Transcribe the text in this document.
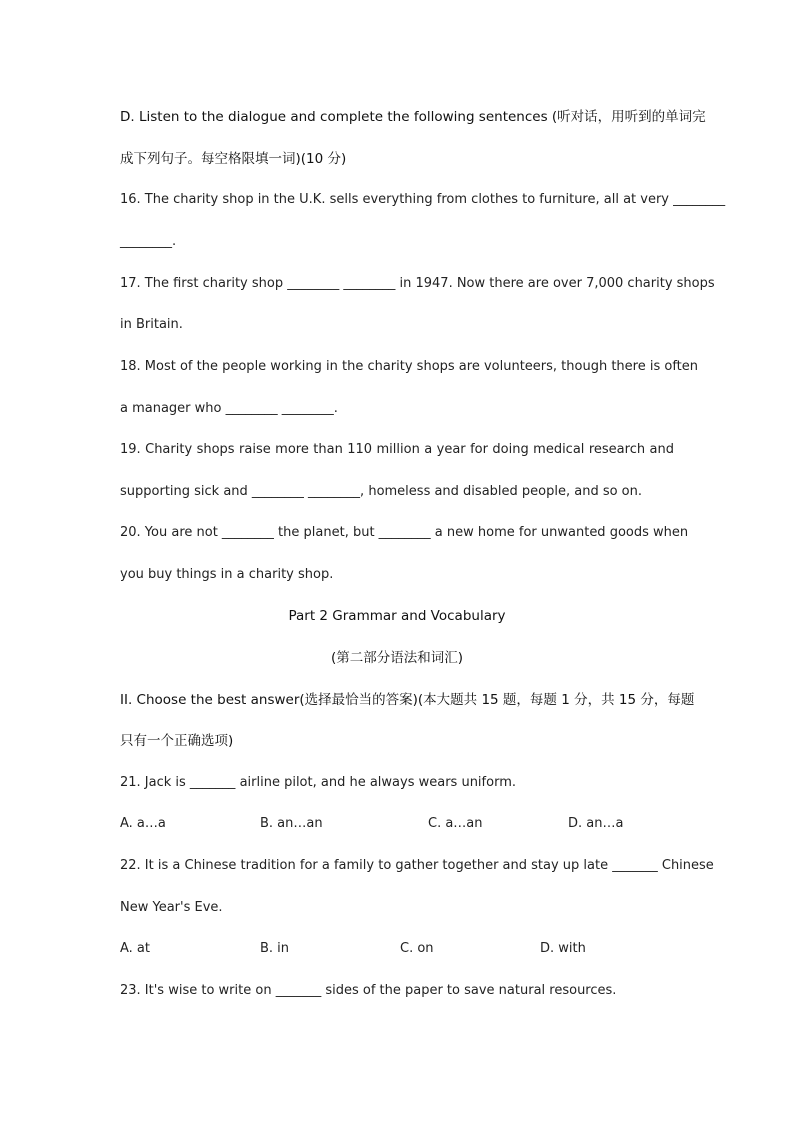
D. Listen to the dialogue and complete the following sentences (听对话，用听到的单词完
成下列句子。每空格限填一词)(10 分)
16. The charity shop in the U.K. sells everything from clothes to furniture, all at very ________
________.
17. The first charity shop ________ ________ in 1947. Now there are over 7,000 charity shops
in Britain.
18. Most of the people working in the charity shops are volunteers, though there is often
a manager who ________ ________.
19. Charity shops raise more than 110 million a year for doing medical research and
supporting sick and ________ ________, homeless and disabled people, and so on.
20. You are not ________ the planet, but ________ a new home for unwanted goods when
you buy things in a charity shop.
Part 2 Grammar and Vocabulary
(第二部分语法和词汇)
II. Choose the best answer(选择最恰当的答案)(本大题共 15 题，每题 1 分，共 15 分，每题
只有一个正确选项)
21. Jack is _______ airline pilot, and he always wears uniform.
A. a…a	B. an…an	C. a…an	D. an…a
22. It is a Chinese tradition for a family to gather together and stay up late _______ Chinese
New Year's Eve.
A. at	B. in	C. on	D. with
23. It's wise to write on _______ sides of the paper to save natural resources.
